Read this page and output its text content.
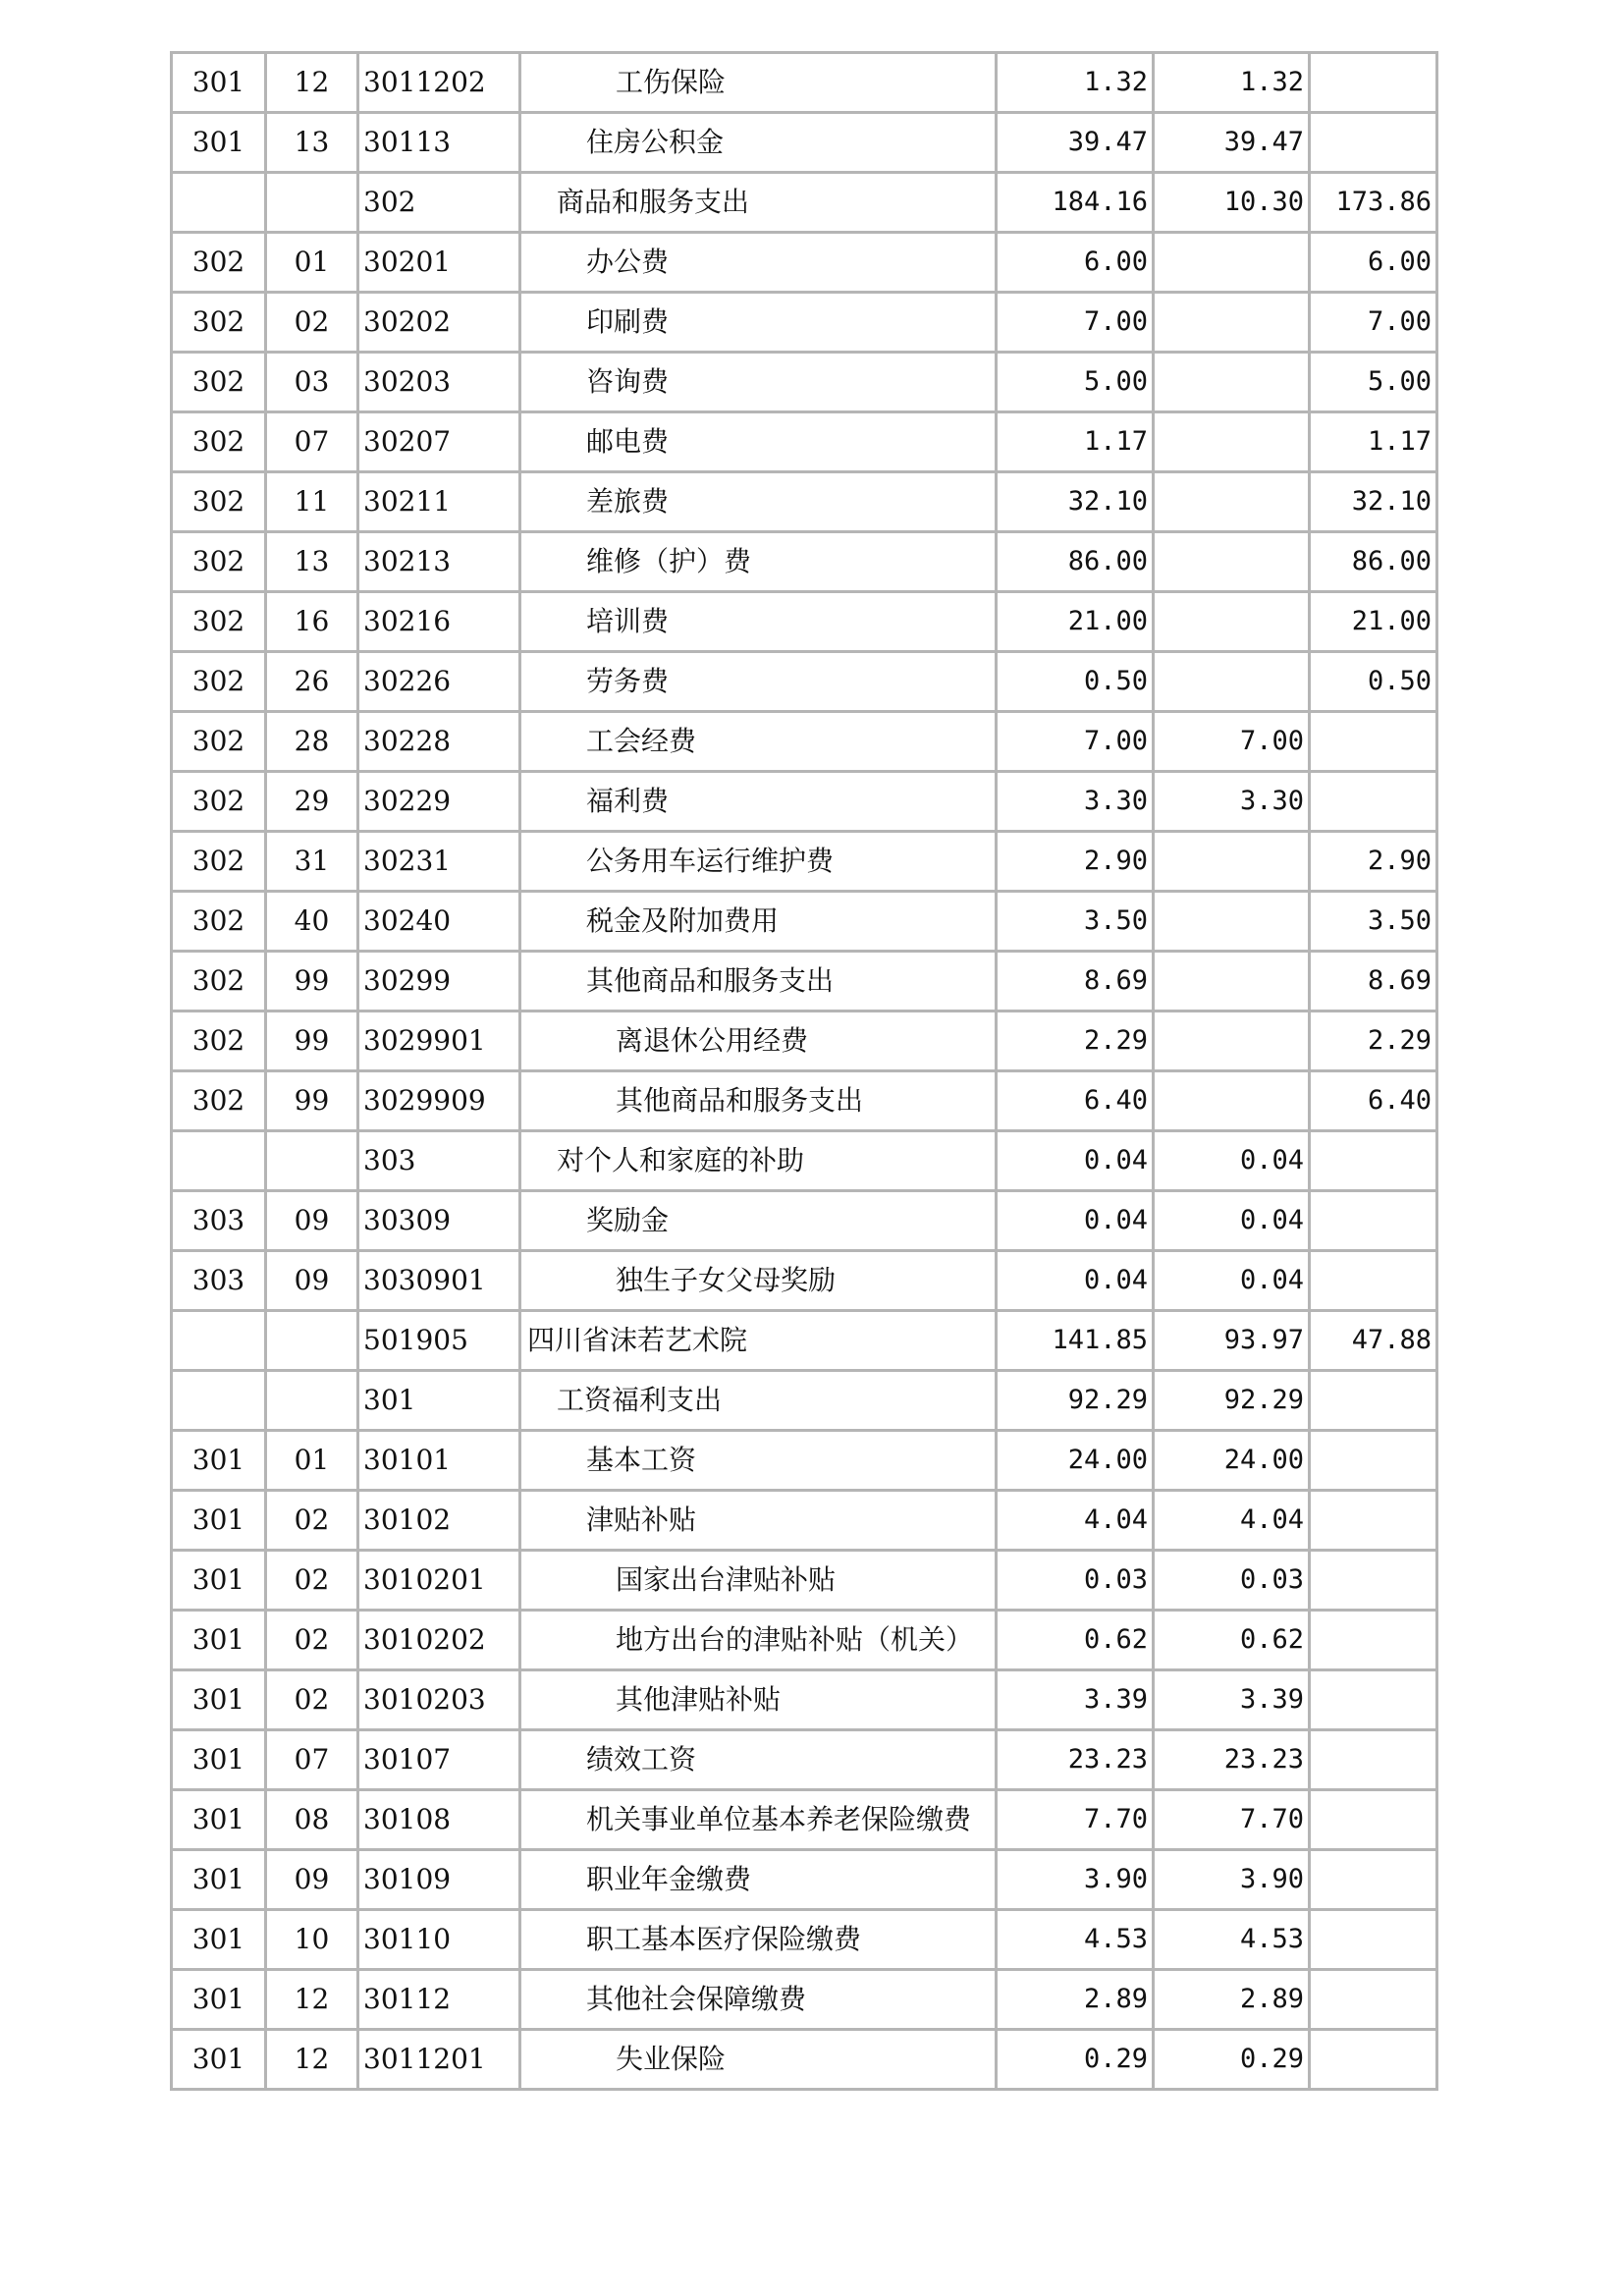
301	12	3011202	工伤保险	1.32	1.32	
301	13	30113	住房公积金	39.47	39.47	
		302	商品和服务支出	184.16	10.30	173.86
302	01	30201	办公费	6.00		6.00
302	02	30202	印刷费	7.00		7.00
302	03	30203	咨询费	5.00		5.00
302	07	30207	邮电费	1.17		1.17
302	11	30211	差旅费	32.10		32.10
302	13	30213	维修（护）费	86.00		86.00
302	16	30216	培训费	21.00		21.00
302	26	30226	劳务费	0.50		0.50
302	28	30228	工会经费	7.00	7.00	
302	29	30229	福利费	3.30	3.30	
302	31	30231	公务用车运行维护费	2.90		2.90
302	40	30240	税金及附加费用	3.50		3.50
302	99	30299	其他商品和服务支出	8.69		8.69
302	99	3029901	离退休公用经费	2.29		2.29
302	99	3029909	其他商品和服务支出	6.40		6.40
		303	对个人和家庭的补助	0.04	0.04	
303	09	30309	奖励金	0.04	0.04	
303	09	3030901	独生子女父母奖励	0.04	0.04	
		501905	四川省沫若艺术院	141.85	93.97	47.88
		301	工资福利支出	92.29	92.29	
301	01	30101	基本工资	24.00	24.00	
301	02	30102	津贴补贴	4.04	4.04	
301	02	3010201	国家出台津贴补贴	0.03	0.03	
301	02	3010202	地方出台的津贴补贴（机关）	0.62	0.62	
301	02	3010203	其他津贴补贴	3.39	3.39	
301	07	30107	绩效工资	23.23	23.23	
301	08	30108	机关事业单位基本养老保险缴费	7.70	7.70	
301	09	30109	职业年金缴费	3.90	3.90	
301	10	30110	职工基本医疗保险缴费	4.53	4.53	
301	12	30112	其他社会保障缴费	2.89	2.89	
301	12	3011201	失业保险	0.29	0.29	
